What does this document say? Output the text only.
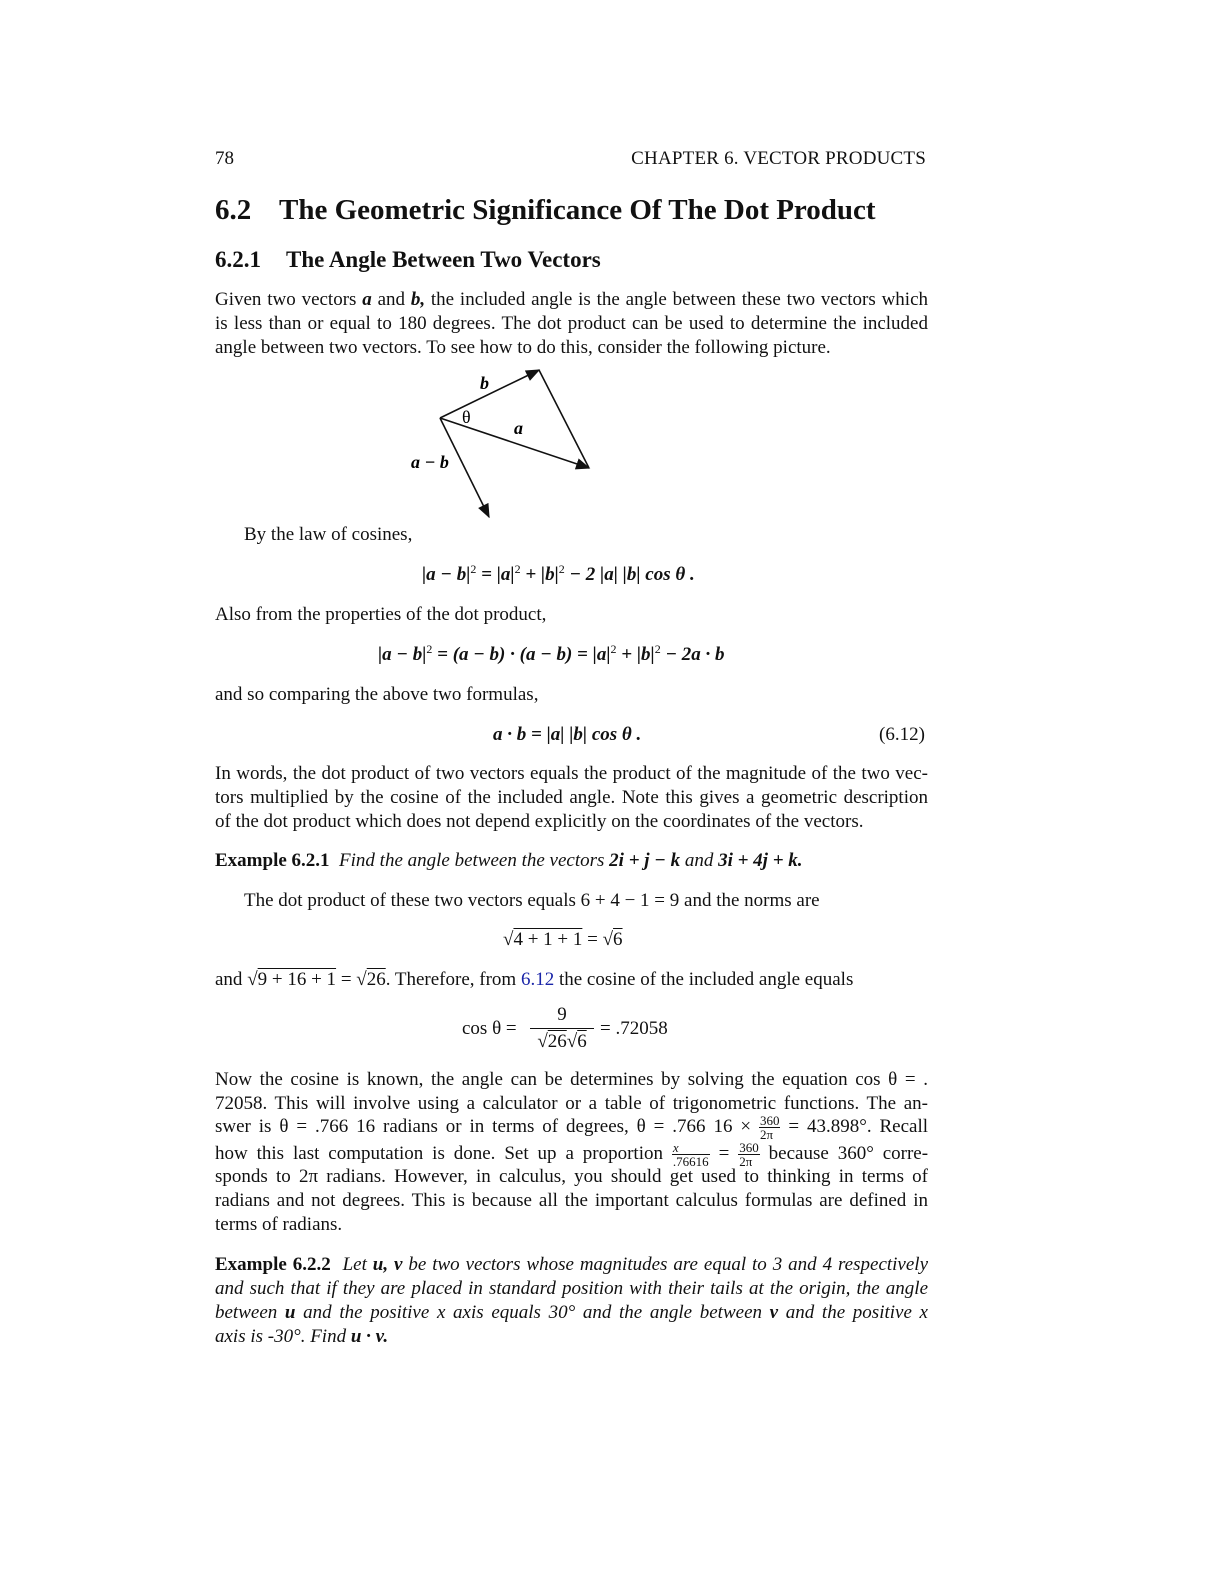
78	CHAPTER 6. VECTOR PRODUCTS
6.2 The Geometric Significance Of The Dot Product
6.2.1 The Angle Between Two Vectors
Given two vectors a and b, the included angle is the angle between these two vectors which
is less than or equal to 180 degrees. The dot product can be used to determine the included
angle between two vectors. To see how to do this, consider the following picture.
b
θ
a
a − b
By the law of cosines,
$|a - b|^2 = |a|^2 + |b|^2 - 2$ |a| |b| cos θ .
Also from the properties of the dot product,
$|a - b|^2 = (a - b) \cdot (a - b) = |a|^2 + |b|^2 - 2a \cdot b$
and so comparing the above two formulas,
a · b = |a| |b| cos θ .	(6.12)
In words, the dot product of two vectors equals the product of the magnitude of the two vec-
tors multiplied by the cosine of the included angle. Note this gives a geometric description
of the dot product which does not depend explicitly on the coordinates of the vectors.
Example 6.2.1 Find the angle between the vectors 2i + j − k and 3i + 4j + k.
The dot product of these two vectors equals 6 + 4 − 1 = 9 and the norms are
√4 + 1 + 1 = √6
and √9 + 16 + 1 = √26. Therefore, from 6.12 the cosine of the included angle equals
$\cos \theta = \frac{9}{√26√6} = .72058$
Now the cosine is known, the angle can be determines by solving the equation cos θ = .
72058. This will involve using a calculator or a table of trigonometric functions. The an-
swer is θ = .766 16 radians or in terms of degrees, θ = .766 $16 \times \frac{360}{2\pi} = 43.898^\circ$. Recall
how this last computation is done. Set up a proportion $\frac{x}{.76616} = \frac{360}{2\pi}$ because 360° corre-
sponds to 2π radians. However, in calculus, you should get used to thinking in terms of
radians and not degrees. This is because all the important calculus formulas are defined in
terms of radians.
Example 6.2.2 Let u, v be two vectors whose magnitudes are equal to 3 and 4 respectively
and such that if they are placed in standard position with their tails at the origin, the angle
between u and the positive x axis equals 30° and the angle between v and the positive x
axis is -30°. Find u · v.
